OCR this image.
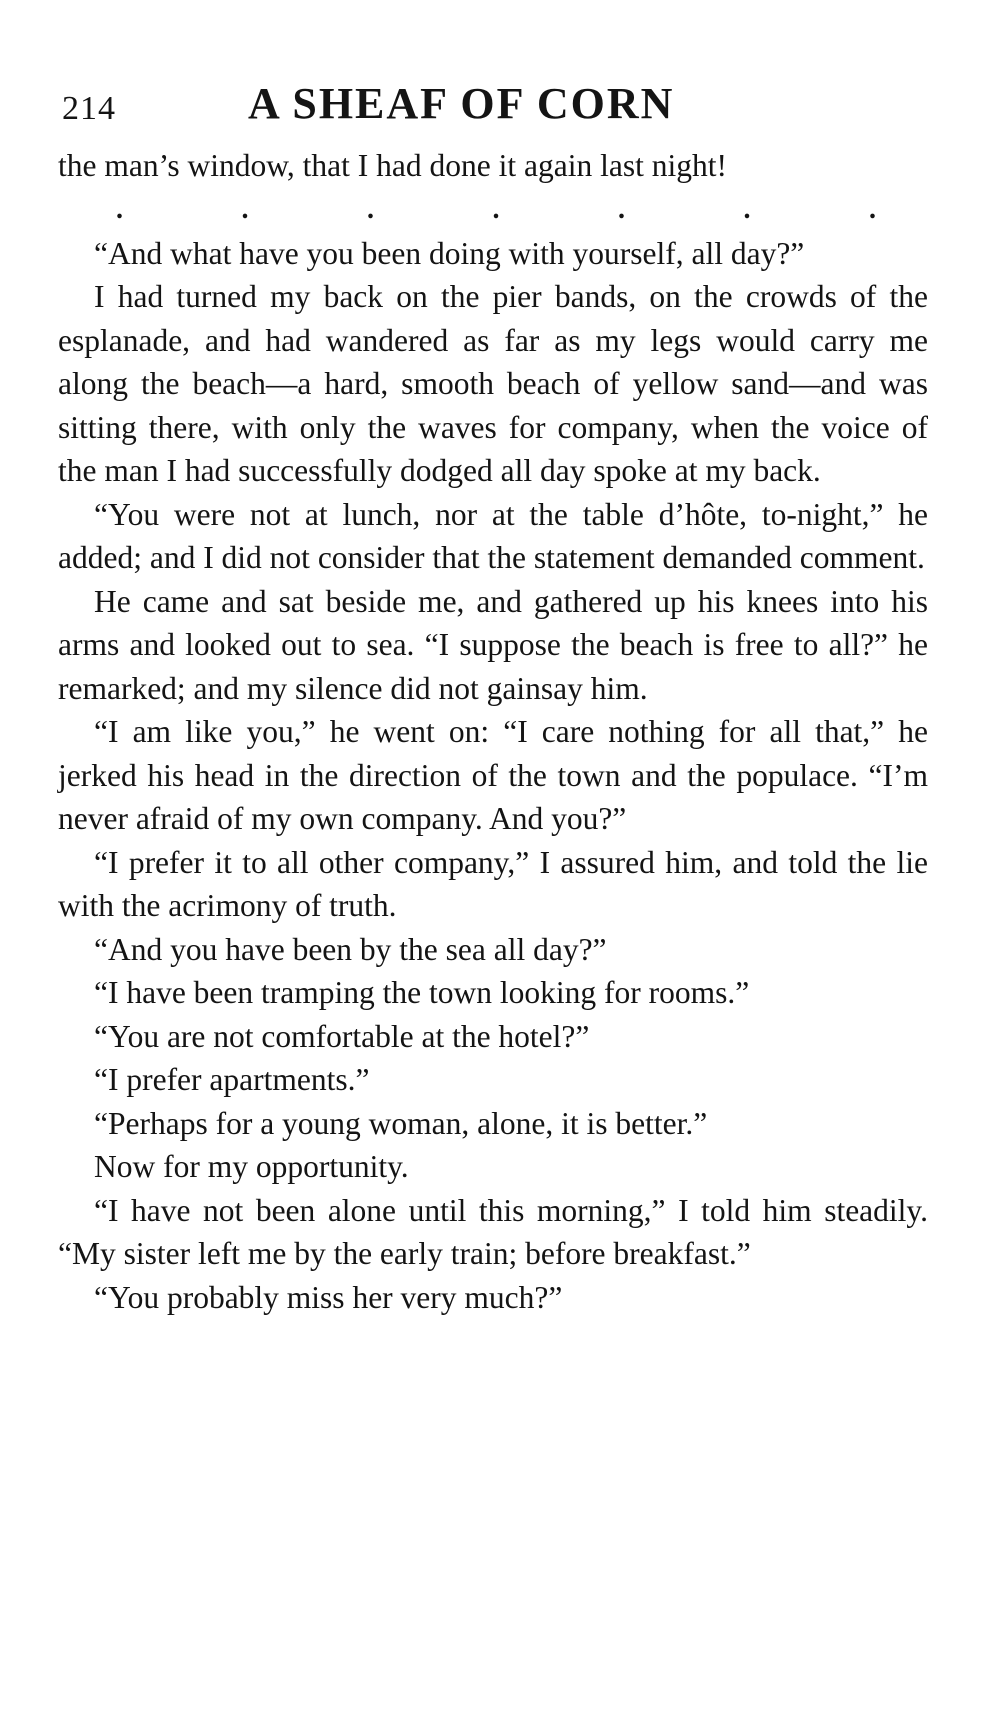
214	A SHEAF OF CORN

the man’s window, that I had done it again last night!

.	.	.	.	.	.	.

“And what have you been doing with yourself, all day?”

I had turned my back on the pier bands, on the crowds of the esplanade, and had wandered as far as my legs would carry me along the beach—a hard, smooth beach of yellow sand—and was sitting there, with only the waves for company, when the voice of the man I had successfully dodged all day spoke at my back.

“You were not at lunch, nor at the table d’hôte, to-night,” he added; and I did not consider that the statement demanded comment.

He came and sat beside me, and gathered up his knees into his arms and looked out to sea. “I suppose the beach is free to all?” he remarked; and my silence did not gainsay him.

“I am like you,” he went on: “I care nothing for all that,” he jerked his head in the direction of the town and the populace. “I’m never afraid of my own company. And you?”

“I prefer it to all other company,” I assured him, and told the lie with the acrimony of truth.

“And you have been by the sea all day?”

“I have been tramping the town looking for rooms.”

“You are not comfortable at the hotel?”

“I prefer apartments.”

“Perhaps for a young woman, alone, it is better.”

Now for my opportunity.

“I have not been alone until this morning,” I told him steadily. “My sister left me by the early train; before breakfast.”

“You probably miss her very much?”
